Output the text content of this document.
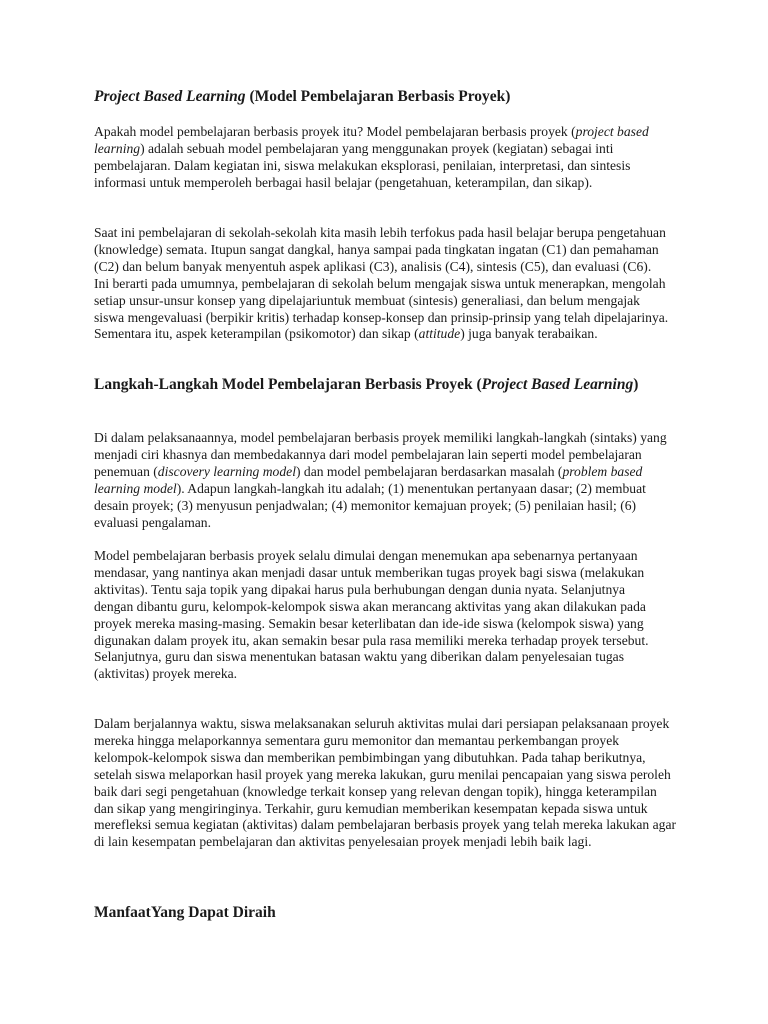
Project Based Learning (Model Pembelajaran Berbasis Proyek)

Apakah model pembelajaran berbasis proyek itu? Model pembelajaran berbasis proyek (project based learning) adalah sebuah model pembelajaran yang menggunakan proyek (kegiatan) sebagai inti pembelajaran. Dalam kegiatan ini, siswa melakukan eksplorasi, penilaian, interpretasi, dan sintesis informasi untuk memperoleh berbagai hasil belajar (pengetahuan, keterampilan, dan sikap).

Saat ini pembelajaran di sekolah-sekolah kita masih lebih terfokus pada hasil belajar berupa pengetahuan (knowledge) semata. Itupun sangat dangkal, hanya sampai pada tingkatan ingatan (C1) dan pemahaman (C2) dan belum banyak menyentuh aspek aplikasi (C3), analisis (C4), sintesis (C5), dan evaluasi (C6). Ini berarti pada umumnya, pembelajaran di sekolah belum mengajak siswa untuk menerapkan, mengolah setiap unsur-unsur konsep yang dipelajariuntuk membuat (sintesis) generaliasi, dan belum mengajak siswa mengevaluasi (berpikir kritis) terhadap konsep-konsep dan prinsip-prinsip yang telah dipelajarinya. Sementara itu, aspek keterampilan (psikomotor) dan sikap (attitude) juga banyak terabaikan.

Langkah-Langkah Model Pembelajaran Berbasis Proyek (Project Based Learning)

Di dalam pelaksanaannya, model pembelajaran berbasis proyek memiliki langkah-langkah (sintaks) yang menjadi ciri khasnya dan membedakannya dari model pembelajaran lain seperti model pembelajaran penemuan (discovery learning model) dan model pembelajaran berdasarkan masalah (problem based learning model). Adapun langkah-langkah itu adalah; (1) menentukan pertanyaan dasar; (2) membuat desain proyek; (3) menyusun penjadwalan; (4) memonitor kemajuan proyek; (5) penilaian hasil; (6) evaluasi pengalaman.

Model pembelajaran berbasis proyek selalu dimulai dengan menemukan apa sebenarnya pertanyaan mendasar, yang nantinya akan menjadi dasar untuk memberikan tugas proyek bagi siswa (melakukan aktivitas). Tentu saja topik yang dipakai harus pula berhubungan dengan dunia nyata. Selanjutnya dengan dibantu guru, kelompok-kelompok siswa akan merancang aktivitas yang akan dilakukan pada proyek mereka masing-masing. Semakin besar keterlibatan dan ide-ide siswa (kelompok siswa) yang digunakan dalam proyek itu, akan semakin besar pula rasa memiliki mereka terhadap proyek tersebut. Selanjutnya, guru dan siswa menentukan batasan waktu yang diberikan dalam penyelesaian tugas (aktivitas) proyek mereka.

Dalam berjalannya waktu, siswa melaksanakan seluruh aktivitas mulai dari persiapan pelaksanaan proyek mereka hingga melaporkannya sementara guru memonitor dan memantau perkembangan proyek kelompok-kelompok siswa dan memberikan pembimbingan yang dibutuhkan. Pada tahap berikutnya, setelah siswa melaporkan hasil proyek yang mereka lakukan, guru menilai pencapaian yang siswa peroleh baik dari segi pengetahuan (knowledge terkait konsep yang relevan dengan topik), hingga keterampilan dan sikap yang mengiringinya. Terkahir, guru kemudian memberikan kesempatan kepada siswa untuk merefleksi semua kegiatan (aktivitas) dalam pembelajaran berbasis proyek yang telah mereka lakukan agar di lain kesempatan pembelajaran dan aktivitas penyelesaian proyek menjadi lebih baik lagi.

ManfaatYang Dapat Diraih
